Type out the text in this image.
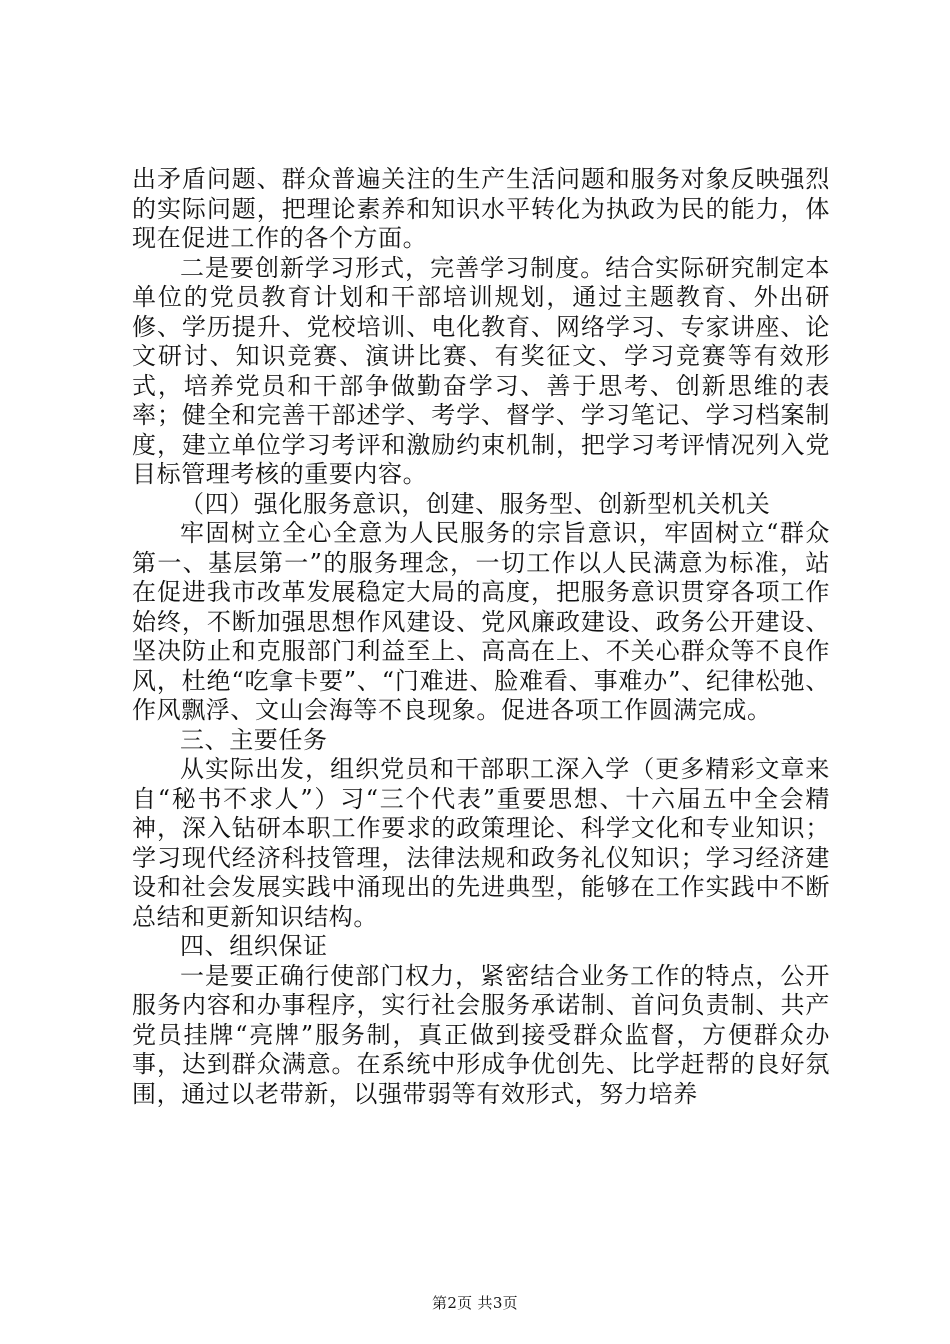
出矛盾问题、群众普遍关注的生产生活问题和服务对象反映强烈的实际问题，把理论素养和知识水平转化为执政为民的能力，体现在促进工作的各个方面。

二是要创新学习形式，完善学习制度。结合实际研究制定本单位的党员教育计划和干部培训规划，通过主题教育、外出研修、学历提升、党校培训、电化教育、网络学习、专家讲座、论文研讨、知识竞赛、演讲比赛、有奖征文、学习竞赛等有效形式，培养党员和干部争做勤奋学习、善于思考、创新思维的表率；健全和完善干部述学、考学、督学、学习笔记、学习档案制度，建立单位学习考评和激励约束机制，把学习考评情况列入党目标管理考核的重要内容。

（四）强化服务意识，创建、服务型、创新型机关机关

牢固树立全心全意为人民服务的宗旨意识，牢固树立“群众第一、基层第一”的服务理念，一切工作以人民满意为标准，站在促进我市改革发展稳定大局的高度，把服务意识贯穿各项工作始终，不断加强思想作风建设、党风廉政建设、政务公开建设、坚决防止和克服部门利益至上、高高在上、不关心群众等不良作风，杜绝“吃拿卡要”、“门难进、脸难看、事难办”、纪律松弛、作风飘浮、文山会海等不良现象。促进各项工作圆满完成。

三、主要任务

从实际出发，组织党员和干部职工深入学（更多精彩文章来自“秘书不求人”）习“三个代表”重要思想、十六届五中全会精神，深入钻研本职工作要求的政策理论、科学文化和专业知识；学习现代经济科技管理，法律法规和政务礼仪知识；学习经济建设和社会发展实践中涌现出的先进典型，能够在工作实践中不断总结和更新知识结构。

四、组织保证

一是要正确行使部门权力，紧密结合业务工作的特点，公开服务内容和办事程序，实行社会服务承诺制、首问负责制、共产党员挂牌“亮牌”服务制，真正做到接受群众监督，方便群众办事，达到群众满意。在系统中形成争优创先、比学赶帮的良好氛围，通过以老带新，以强带弱等有效形式，努力培养

第2页 共3页
